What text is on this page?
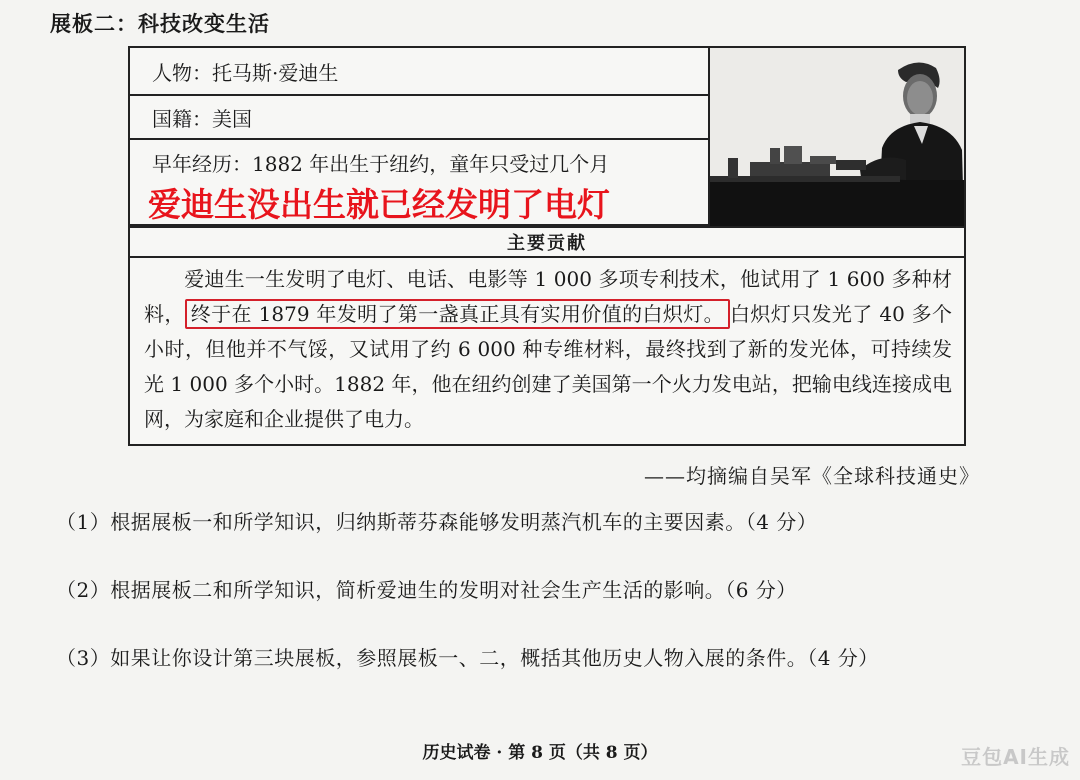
展板二：科技改变生活
人物：托马斯·爱迪生
国籍：美国
早年经历：1882 年出生于纽约，童年只受过几个月
爱迪生没出生就已经发明了电灯
主要贡献
爱迪生一生发明了电灯、电话、电影等 1 000 多项专利技术，他试用了 1 600 多种材料， 终于在 1879 年发明了第一盏真正具有实用价值的白炽灯。 白炽灯只发光了 40 多个小时，但他并不气馁，又试用了约 6 000 种专维材料，最终找到了新的发光体，可持续发光 1 000 多个小时。1882 年，他在纽约创建了美国第一个火力发电站，把输电线连接成电网，为家庭和企业提供了电力。
——均摘编自吴军《全球科技通史》
（1）根据展板一和所学知识，归纳斯蒂芬森能够发明蒸汽机车的主要因素。（4 分）
（2）根据展板二和所学知识，简析爱迪生的发明对社会生产生活的影响。（6 分）
（3）如果让你设计第三块展板，参照展板一、二，概括其他历史人物入展的条件。（4 分）
历史试卷 · 第 8 页（共 8 页）	豆包AI生成
